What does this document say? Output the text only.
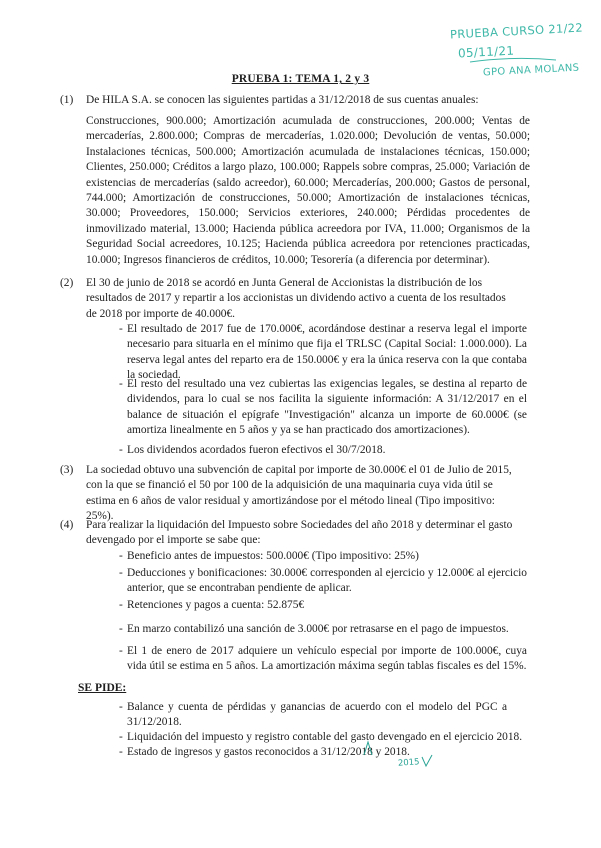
PRUEBA CURSO 21/22
05/11/21
GPO ANA MOLANS
PRUEBA 1: TEMA 1, 2 y 3
(1) De HILA S.A. se conocen las siguientes partidas a 31/12/2018 de sus cuentas anuales:
Construcciones, 900.000; Amortización acumulada de construcciones, 200.000; Ventas de mercaderías, 2.800.000; Compras de mercaderías, 1.020.000; Devolución de ventas, 50.000; Instalaciones técnicas, 500.000; Amortización acumulada de instalaciones técnicas, 150.000; Clientes, 250.000; Créditos a largo plazo, 100.000; Rappels sobre compras, 25.000; Variación de existencias de mercaderías (saldo acreedor), 60.000; Mercaderías, 200.000; Gastos de personal, 744.000; Amortización de construcciones, 50.000; Amortización de instalaciones técnicas, 30.000; Proveedores, 150.000; Servicios exteriores, 240.000; Pérdidas procedentes de inmovilizado material, 13.000; Hacienda pública acreedora por IVA, 11.000; Organismos de la Seguridad Social acreedores, 10.125; Hacienda pública acreedora por retenciones practicadas, 10.000; Ingresos financieros de créditos, 10.000; Tesorería (a diferencia por determinar).
(2) El 30 de junio de 2018 se acordó en Junta General de Accionistas la distribución de los resultados de 2017 y repartir a los accionistas un dividendo activo a cuenta de los resultados de 2018 por importe de 40.000€.
- El resultado de 2017 fue de 170.000€, acordándose destinar a reserva legal el importe necesario para situarla en el mínimo que fija el TRLSC (Capital Social: 1.000.000). La reserva legal antes del reparto era de 150.000€ y era la única reserva con la que contaba la sociedad.
- El resto del resultado una vez cubiertas las exigencias legales, se destina al reparto de dividendos, para lo cual se nos facilita la siguiente información: A 31/12/2017 en el balance de situación el epígrafe "Investigación" alcanza un importe de 60.000€ (se amortiza linealmente en 5 años y ya se han practicado dos amortizaciones).
- Los dividendos acordados fueron efectivos el 30/7/2018.
(3) La sociedad obtuvo una subvención de capital por importe de 30.000€ el 01 de Julio de 2015, con la que se financió el 50 por 100 de la adquisición de una maquinaria cuya vida útil se estima en 6 años de valor residual y amortizándose por el método lineal (Tipo impositivo: 25%).
(4) Para realizar la liquidación del Impuesto sobre Sociedades del año 2018 y determinar el gasto devengado por el importe se sabe que:
- Beneficio antes de impuestos: 500.000€ (Tipo impositivo: 25%)
- Deducciones y bonificaciones: 30.000€ corresponden al ejercicio y 12.000€ al ejercicio anterior, que se encontraban pendiente de aplicar.
- Retenciones y pagos a cuenta: 52.875€
- En marzo contabilizó una sanción de 3.000€ por retrasarse en el pago de impuestos.
- El 1 de enero de 2017 adquiere un vehículo especial por importe de 100.000€, cuya vida útil se estima en 5 años. La amortización máxima según tablas fiscales es del 15%.
SE PIDE:
- Balance y cuenta de pérdidas y ganancias de acuerdo con el modelo del PGC a 31/12/2018.
- Liquidación del impuesto y registro contable del gasto devengado en el ejercicio 2018.
- Estado de ingresos y gastos reconocidos a 31/12/2018 y 2018.
2015
